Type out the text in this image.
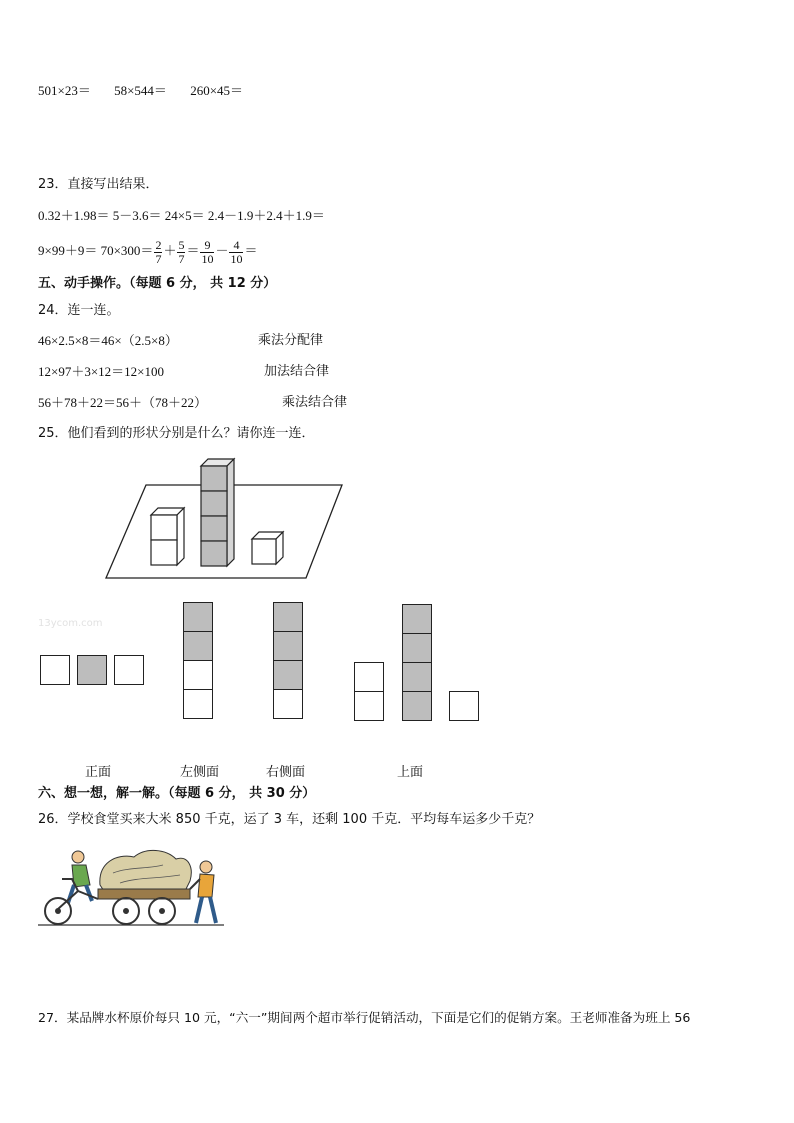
501×23＝ 58×544＝ 260×45＝
23．直接写出结果．
0.32＋1.98＝ 5－3.6＝ 24×5＝ 2.4－1.9＋2.4＋1.9＝
$9\times 99+9= 70\times 300= \frac{2}{7} + \frac{5}{7} = \frac{9}{10} - \frac{4}{10}$ ＝
五、动手操作。（每题 6 分， 共 12 分）
24．连一连。
46×2.5×8＝46×（2.5×8）
12×97＋3×12＝12×100
56＋78＋22＝56＋（78＋22）
乘法分配律
加法结合律
乘法结合律
25．他们看到的形状分别是什么？请你连一连．
13ycom.com
正面	左侧面	右侧面	上面
六、想一想，解一解。（每题 6 分， 共 30 分）
26．学校食堂买来大米 850 千克，运了 3 车，还剩 100 千克．平均每车运多少千克？
27．某品牌水杯原价每只 10 元，“六一”期间两个超市举行促销活动，下面是它们的促销方案。王老师准备为班上 56
